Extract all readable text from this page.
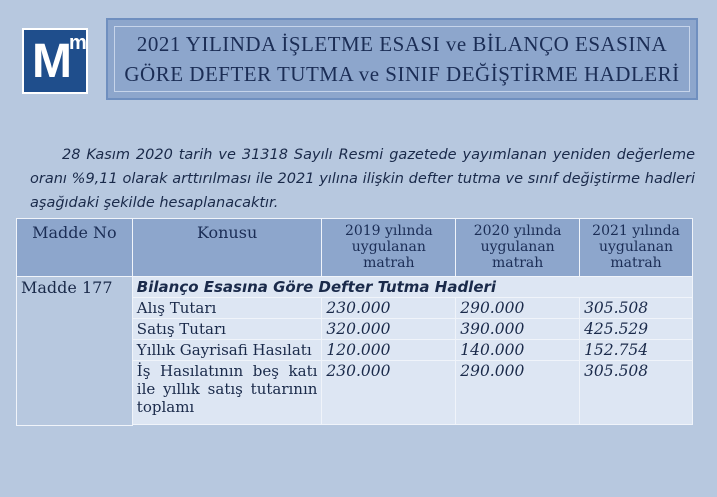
M
m 2021 YILINDA İŞLETME ESASI ve BİLANÇO ESASINA
GÖRE DEFTER TUTMA ve SINIF DEĞİŞTİRME HADLERİ

28 Kasım 2020 tarih ve 31318 Sayılı Resmi gazetede yayımlanan yeniden değerleme oranı %9,11 olarak arttırılması ile 2021 yılına ilişkin defter tutma ve sınıf değiştirme hadleri aşağıdaki şekilde hesaplanacaktır.

Madde No	Konusu	2019 yılında uygulanan matrah	2020 yılında uygulanan matrah	2021 yılında uygulanan matrah
Madde 177	Bilanço Esasına Göre Defter Tutma Hadleri			
	Alış Tutarı	230.000	290.000	305.508
	Satış Tutarı	320.000	390.000	425.529
	Yıllık Gayrisafi Hasılatı	120.000	140.000	152.754
	İş Hasılatının beş katı ile yıllık satış tutarının toplamı	230.000	290.000	305.508
